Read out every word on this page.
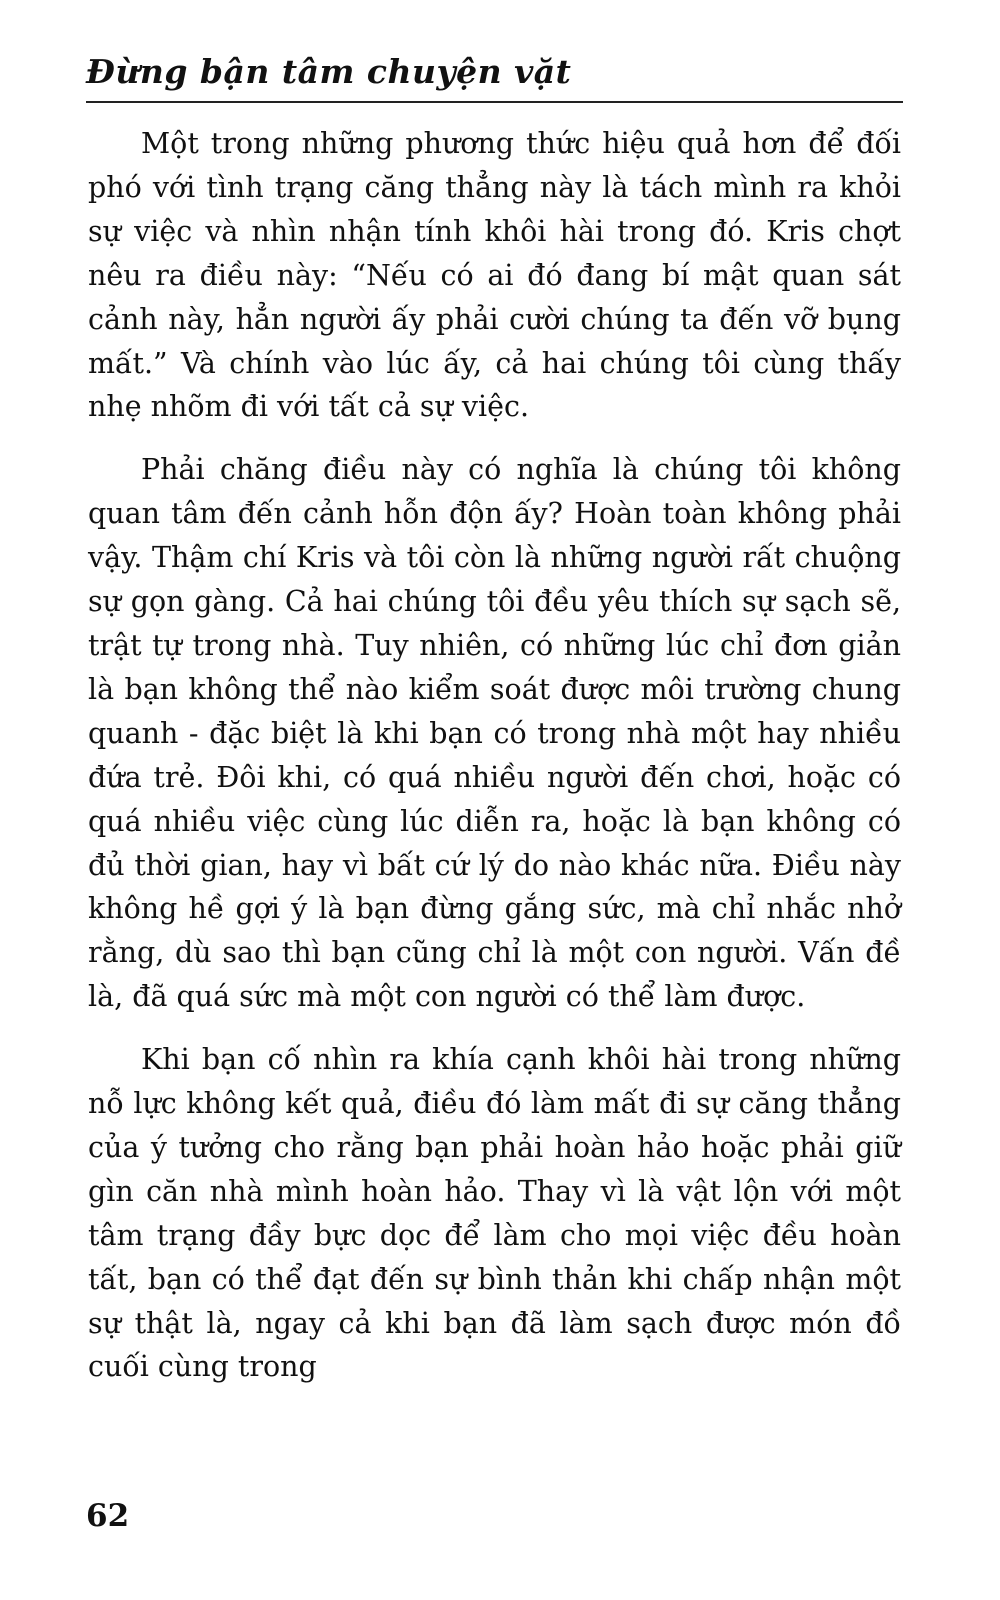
Đừng bận tâm chuyện vặt

Một trong những phương thức hiệu quả hơn để đối phó với tình trạng căng thẳng này là tách mình ra khỏi sự việc và nhìn nhận tính khôi hài trong đó. Kris chợt nêu ra điều này: “Nếu có ai đó đang bí mật quan sát cảnh này, hẳn người ấy phải cười chúng ta đến vỡ bụng mất.” Và chính vào lúc ấy, cả hai chúng tôi cùng thấy nhẹ nhõm đi với tất cả sự việc.

Phải chăng điều này có nghĩa là chúng tôi không quan tâm đến cảnh hỗn độn ấy? Hoàn toàn không phải vậy. Thậm chí Kris và tôi còn là những người rất chuộng sự gọn gàng. Cả hai chúng tôi đều yêu thích sự sạch sẽ, trật tự trong nhà. Tuy nhiên, có những lúc chỉ đơn giản là bạn không thể nào kiểm soát được môi trường chung quanh - đặc biệt là khi bạn có trong nhà một hay nhiều đứa trẻ. Đôi khi, có quá nhiều người đến chơi, hoặc có quá nhiều việc cùng lúc diễn ra, hoặc là bạn không có đủ thời gian, hay vì bất cứ lý do nào khác nữa. Điều này không hề gợi ý là bạn đừng gắng sức, mà chỉ nhắc nhở rằng, dù sao thì bạn cũng chỉ là một con người. Vấn đề là, đã quá sức mà một con người có thể làm được.

Khi bạn cố nhìn ra khía cạnh khôi hài trong những nỗ lực không kết quả, điều đó làm mất đi sự căng thẳng của ý tưởng cho rằng bạn phải hoàn hảo hoặc phải giữ gìn căn nhà mình hoàn hảo. Thay vì là vật lộn với một tâm trạng đầy bực dọc để làm cho mọi việc đều hoàn tất, bạn có thể đạt đến sự bình thản khi chấp nhận một sự thật là, ngay cả khi bạn đã làm sạch được món đồ cuối cùng trong

62
